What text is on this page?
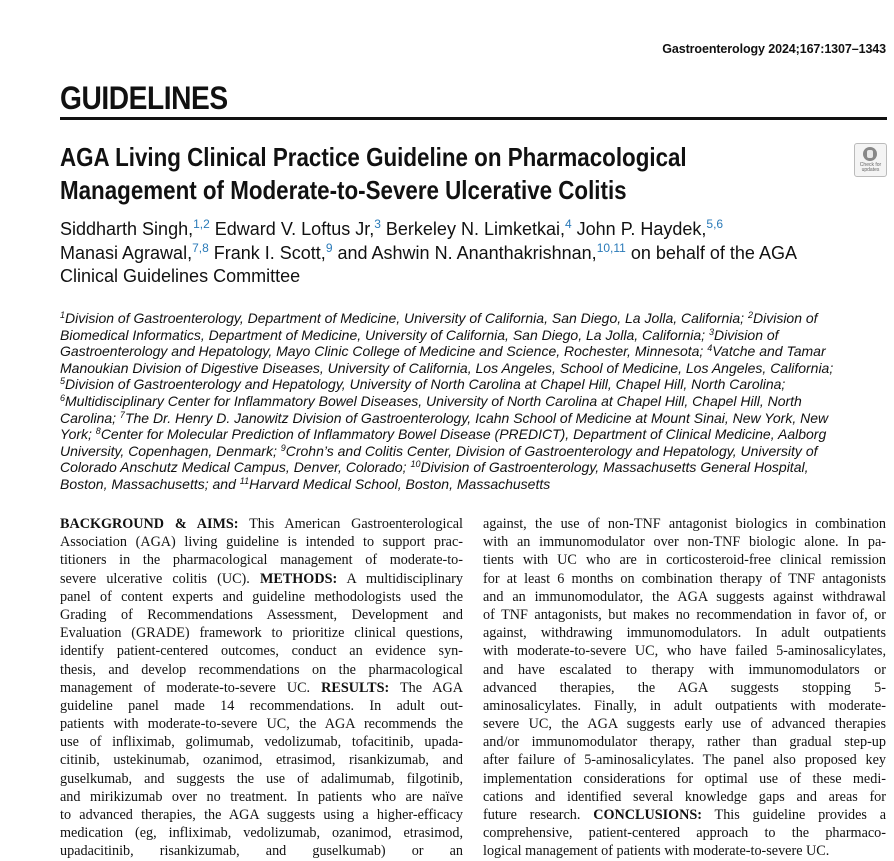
Gastroenterology 2024;167:1307–1343
GUIDELINES
AGA Living Clinical Practice Guideline on Pharmacological
Management of Moderate-to-Severe Ulcerative Colitis
Check for updates
Siddharth Singh,$^{1,2}$ Edward V. Loftus Jr,$^3$ Berkeley N. Limketkai,$^4$ John P. Haydek,$^{5,6}$
Manasi Agrawal,$^{7,8}$ Frank I. Scott,$^9$ and Ashwin N. Ananthakrishnan,$^{10,11}$ on behalf of the AGA
Clinical Guidelines Committee
$^1$Division of Gastroenterology, Department of Medicine, University of California, San Diego, La Jolla, California; $^2$Division of
Biomedical Informatics, Department of Medicine, University of California, San Diego, La Jolla, California; $^3$Division of
Gastroenterology and Hepatology, Mayo Clinic College of Medicine and Science, Rochester, Minnesota; $^4$Vatche and Tamar
Manoukian Division of Digestive Diseases, University of California, Los Angeles, School of Medicine, Los Angeles, California;
$^5$Division of Gastroenterology and Hepatology, University of North Carolina at Chapel Hill, Chapel Hill, North Carolina;
$^6$Multidisciplinary Center for Inflammatory Bowel Diseases, University of North Carolina at Chapel Hill, Chapel Hill, North
Carolina; $^7$The Dr. Henry D. Janowitz Division of Gastroenterology, Icahn School of Medicine at Mount Sinai, New York, New
York; $^8$Center for Molecular Prediction of Inflammatory Bowel Disease (PREDICT), Department of Clinical Medicine, Aalborg
University, Copenhagen, Denmark; $^9$Crohn’s and Colitis Center, Division of Gastroenterology and Hepatology, University of
Colorado Anschutz Medical Campus, Denver, Colorado; $^{10}$Division of Gastroenterology, Massachusetts General Hospital,
Boston, Massachusetts; and $^{11}$Harvard Medical School, Boston, Massachusetts
BACKGROUND & AIMS: This American Gastroenterological
Association (AGA) living guideline is intended to support prac-
titioners in the pharmacological management of moderate-to-
severe ulcerative colitis (UC). METHODS: A multidisciplinary
panel of content experts and guideline methodologists used the
Grading of Recommendations Assessment, Development and
Evaluation (GRADE) framework to prioritize clinical questions,
identify patient-centered outcomes, conduct an evidence syn-
thesis, and develop recommendations on the pharmacological
management of moderate-to-severe UC. RESULTS: The AGA
guideline panel made 14 recommendations. In adult out-
patients with moderate-to-severe UC, the AGA recommends the
use of infliximab, golimumab, vedolizumab, tofacitinib, upada-
citinib, ustekinumab, ozanimod, etrasimod, risankizumab, and
guselkumab, and suggests the use of adalimumab, filgotinib,
and mirikizumab over no treatment. In patients who are naïve
to advanced therapies, the AGA suggests using a higher-efficacy
medication (eg, infliximab, vedolizumab, ozanimod, etrasimod,
upadacitinib, risankizumab, and guselkumab) or an
against, the use of non-TNF antagonist biologics in combination
with an immunomodulator over non-TNF biologic alone. In pa-
tients with UC who are in corticosteroid-free clinical remission
for at least 6 months on combination therapy of TNF antagonists
and an immunomodulator, the AGA suggests against withdrawal
of TNF antagonists, but makes no recommendation in favor of, or
against, withdrawing immunomodulators. In adult outpatients
with moderate-to-severe UC, who have failed 5-aminosalicylates,
and have escalated to therapy with immunomodulators or
advanced therapies, the AGA suggests stopping 5-
aminosalicylates. Finally, in adult outpatients with moderate-
severe UC, the AGA suggests early use of advanced therapies
and/or immunomodulator therapy, rather than gradual step-up
after failure of 5-aminosalicylates. The panel also proposed key
implementation considerations for optimal use of these medi-
cations and identified several knowledge gaps and areas for
future research. CONCLUSIONS: This guideline provides a
comprehensive, patient-centered approach to the pharmaco-
logical management of patients with moderate-to-severe UC.
